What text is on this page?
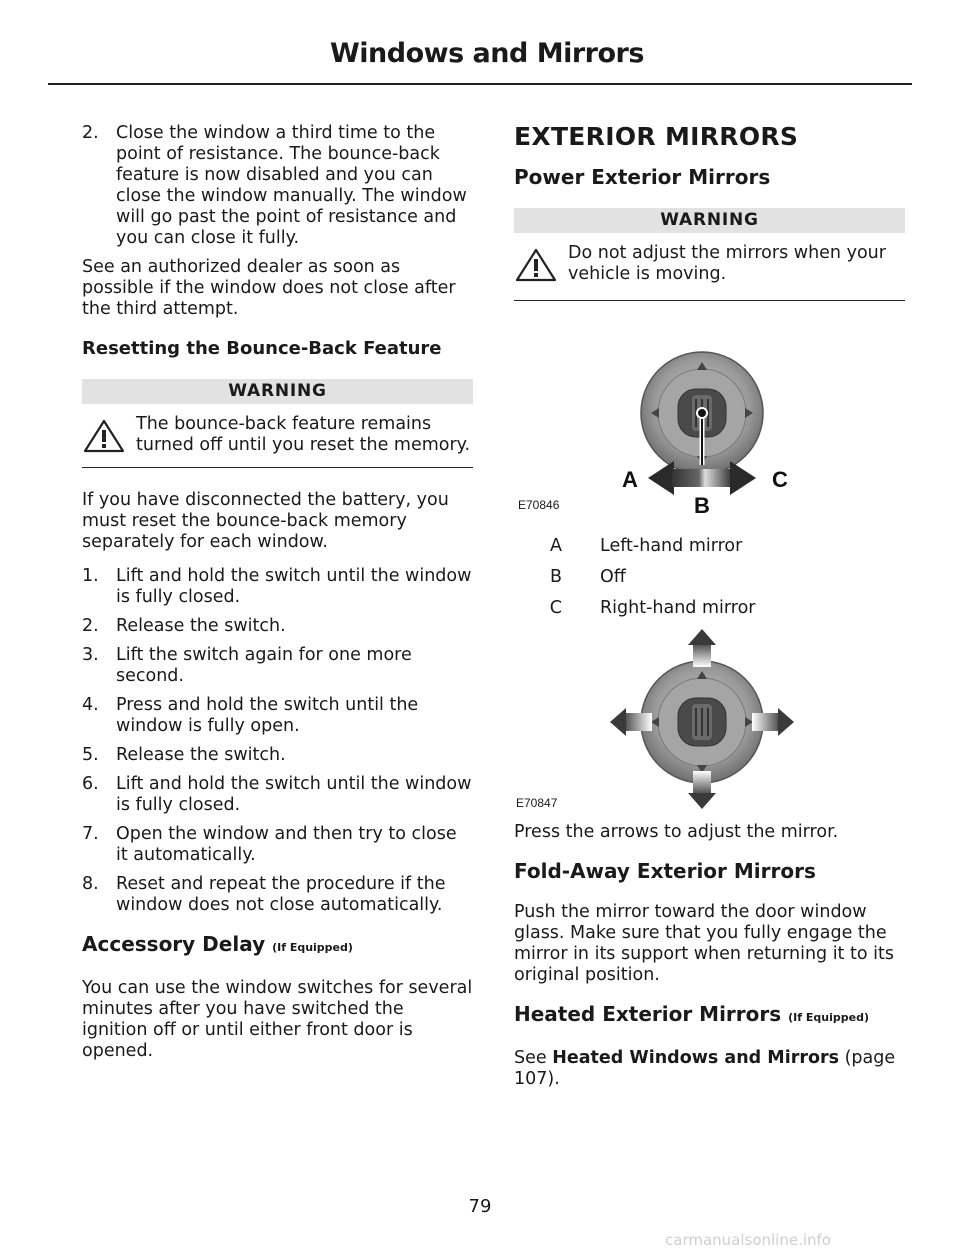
Windows and Mirrors
2. Close the window a third time to the point of resistance. The bounce-back feature is now disabled and you can close the window manually. The window will go past the point of resistance and you can close it fully.

See an authorized dealer as soon as possible if the window does not close after the third attempt.

Resetting the Bounce-Back Feature
WARNING
The bounce-back feature remains turned off until you reset the memory.

If you have disconnected the battery, you must reset the bounce-back memory separately for each window.

1. Lift and hold the switch until the window is fully closed.
2. Release the switch.
3. Lift the switch again for one more second.
4. Press and hold the switch until the window is fully open.
5. Release the switch.
6. Lift and hold the switch until the window is fully closed.
7. Open the window and then try to close it automatically.
8. Reset and repeat the procedure if the window does not close automatically.
Accessory Delay (If Equipped)

You can use the window switches for several minutes after you have switched the ignition off or until either front door is opened.

EXTERIOR MIRRORS
Power Exterior Mirrors
WARNING
Do not adjust the mirrors when your vehicle is moving.
A	C
B
E70846
A	Left-hand mirror
B	Off
C	Right-hand mirror
E70847

Press the arrows to adjust the mirror.

Fold-Away Exterior Mirrors

Push the mirror toward the door window glass. Make sure that you fully engage the mirror in its support when returning it to its original position.

Heated Exterior Mirrors (If Equipped)

See Heated Windows and Mirrors (page 107).

79
carmanualsonline.info
